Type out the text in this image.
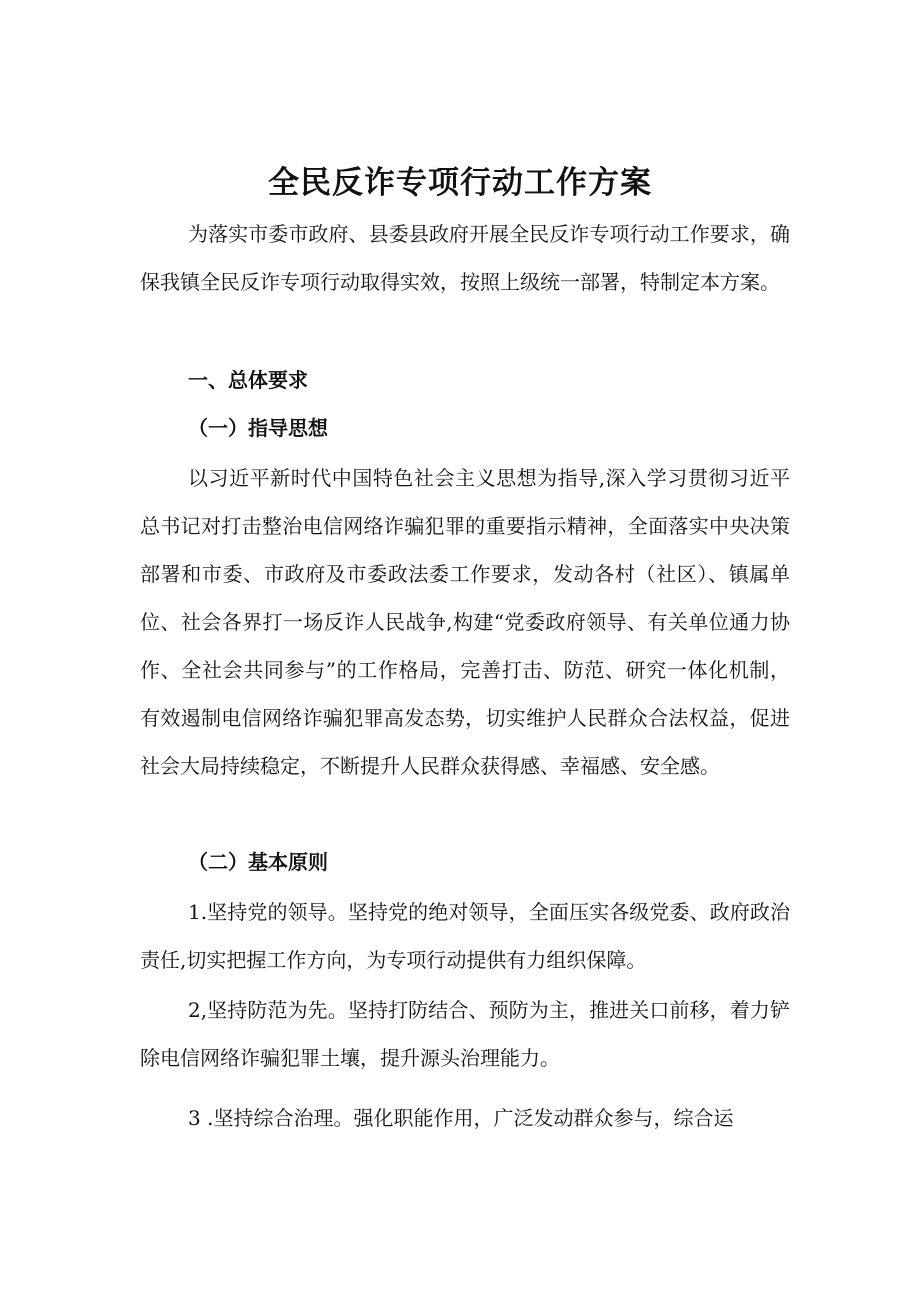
全民反诈专项行动工作方案

为落实市委市政府、县委县政府开展全民反诈专项行动工作要求，确保我镇全民反诈专项行动取得实效，按照上级统一部署，特制定本方案。

一、总体要求
（一）指导思想

以习近平新时代中国特色社会主义思想为指导,深入学习贯彻习近平总书记对打击整治电信网络诈骗犯罪的重要指示精神，全面落实中央决策部署和市委、市政府及市委政法委工作要求，发动各村（社区）、镇属单位、社会各界打一场反诈人民战争,构建“党委政府领导、有关单位通力协作、全社会共同参与”的工作格局，完善打击、防范、研究一体化机制，有效遏制电信网络诈骗犯罪高发态势，切实维护人民群众合法权益，促进社会大局持续稳定，不断提升人民群众获得感、幸福感、安全感。

（二）基本原则

1.坚持党的领导。坚持党的绝对领导，全面压实各级党委、政府政治责任,切实把握工作方向，为专项行动提供有力组织保障。

2,坚持防范为先。坚持打防结合、预防为主，推进关口前移，着力铲除电信网络诈骗犯罪土壤，提升源头治理能力。

3 .坚持综合治理。强化职能作用，广泛发动群众参与，综合运
